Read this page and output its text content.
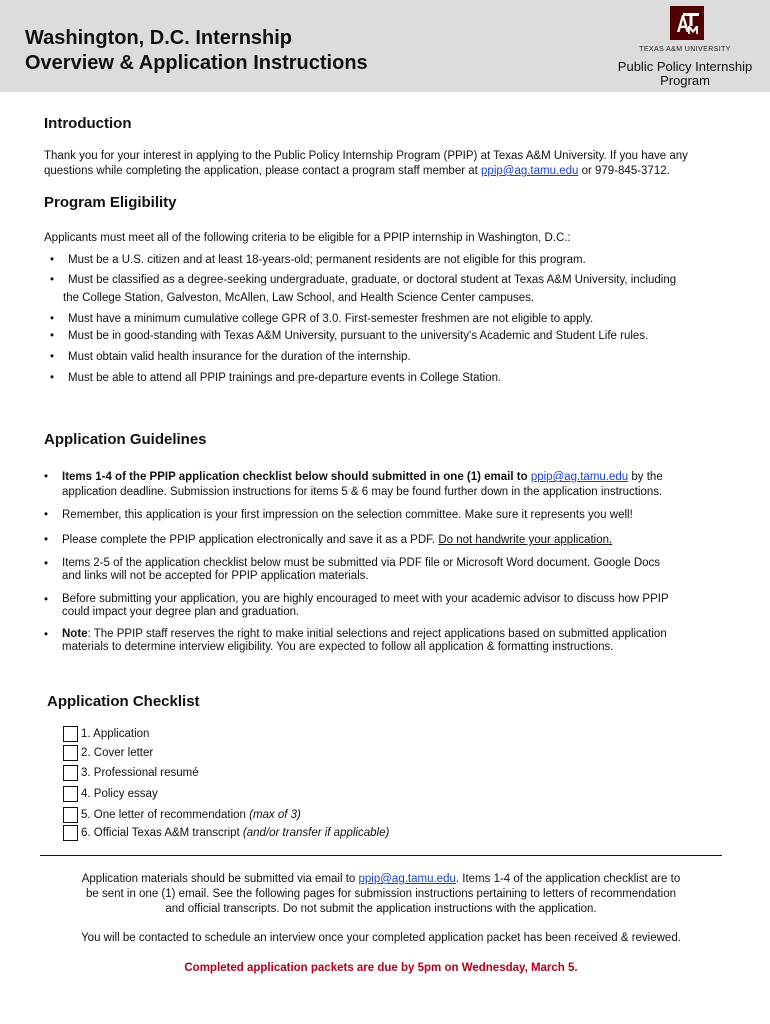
Washington, D.C. Internship
Overview & Application Instructions
TEXAS A&M UNIVERSITY
Public Policy Internship
Program
Introduction
Thank you for your interest in applying to the Public Policy Internship Program (PPIP) at Texas A&M University. If you have any
questions while completing the application, please contact a program staff member at ppip@ag.tamu.edu or 979-845-3712.
Program Eligibility
Applicants must meet all of the following criteria to be eligible for a PPIP internship in Washington, D.C.:
• Must be a U.S. citizen and at least 18-years-old; permanent residents are not eligible for this program.
• Must be classified as a degree-seeking undergraduate, graduate, or doctoral student at Texas A&M University, including
the College Station, Galveston, McAllen, Law School, and Health Science Center campuses.
• Must have a minimum cumulative college GPR of 3.0. First-semester freshmen are not eligible to apply.
• Must be in good-standing with Texas A&M University, pursuant to the university's Academic and Student Life rules.
• Must obtain valid health insurance for the duration of the internship.
• Must be able to attend all PPIP trainings and pre-departure events in College Station.
Application Guidelines
• Items 1-4 of the PPIP application checklist below should submitted in one (1) email to ppip@ag.tamu.edu by the
application deadline. Submission instructions for items 5 & 6 may be found further down in the application instructions.
• Remember, this application is your first impression on the selection committee. Make sure it represents you well!
• Please complete the PPIP application electronically and save it as a PDF. Do not handwrite your application.
• Items 2-5 of the application checklist below must be submitted via PDF file or Microsoft Word document. Google Docs
and links will not be accepted for PPIP application materials.
• Before submitting your application, you are highly encouraged to meet with your academic advisor to discuss how PPIP
could impact your degree plan and graduation.
• Note: The PPIP staff reserves the right to make initial selections and reject applications based on submitted application
materials to determine interview eligibility. You are expected to follow all application & formatting instructions.
Application Checklist
1. Application
2. Cover letter
3. Professional resumé
4. Policy essay
5. One letter of recommendation (max of 3)
6. Official Texas A&M transcript (and/or transfer if applicable)
Application materials should be submitted via email to ppip@ag.tamu.edu. Items 1-4 of the application checklist are to
be sent in one (1) email. See the following pages for submission instructions pertaining to letters of recommendation
and official transcripts. Do not submit the application instructions with the application.
You will be contacted to schedule an interview once your completed application packet has been received & reviewed.
Completed application packets are due by 5pm on Wednesday, March 5.
